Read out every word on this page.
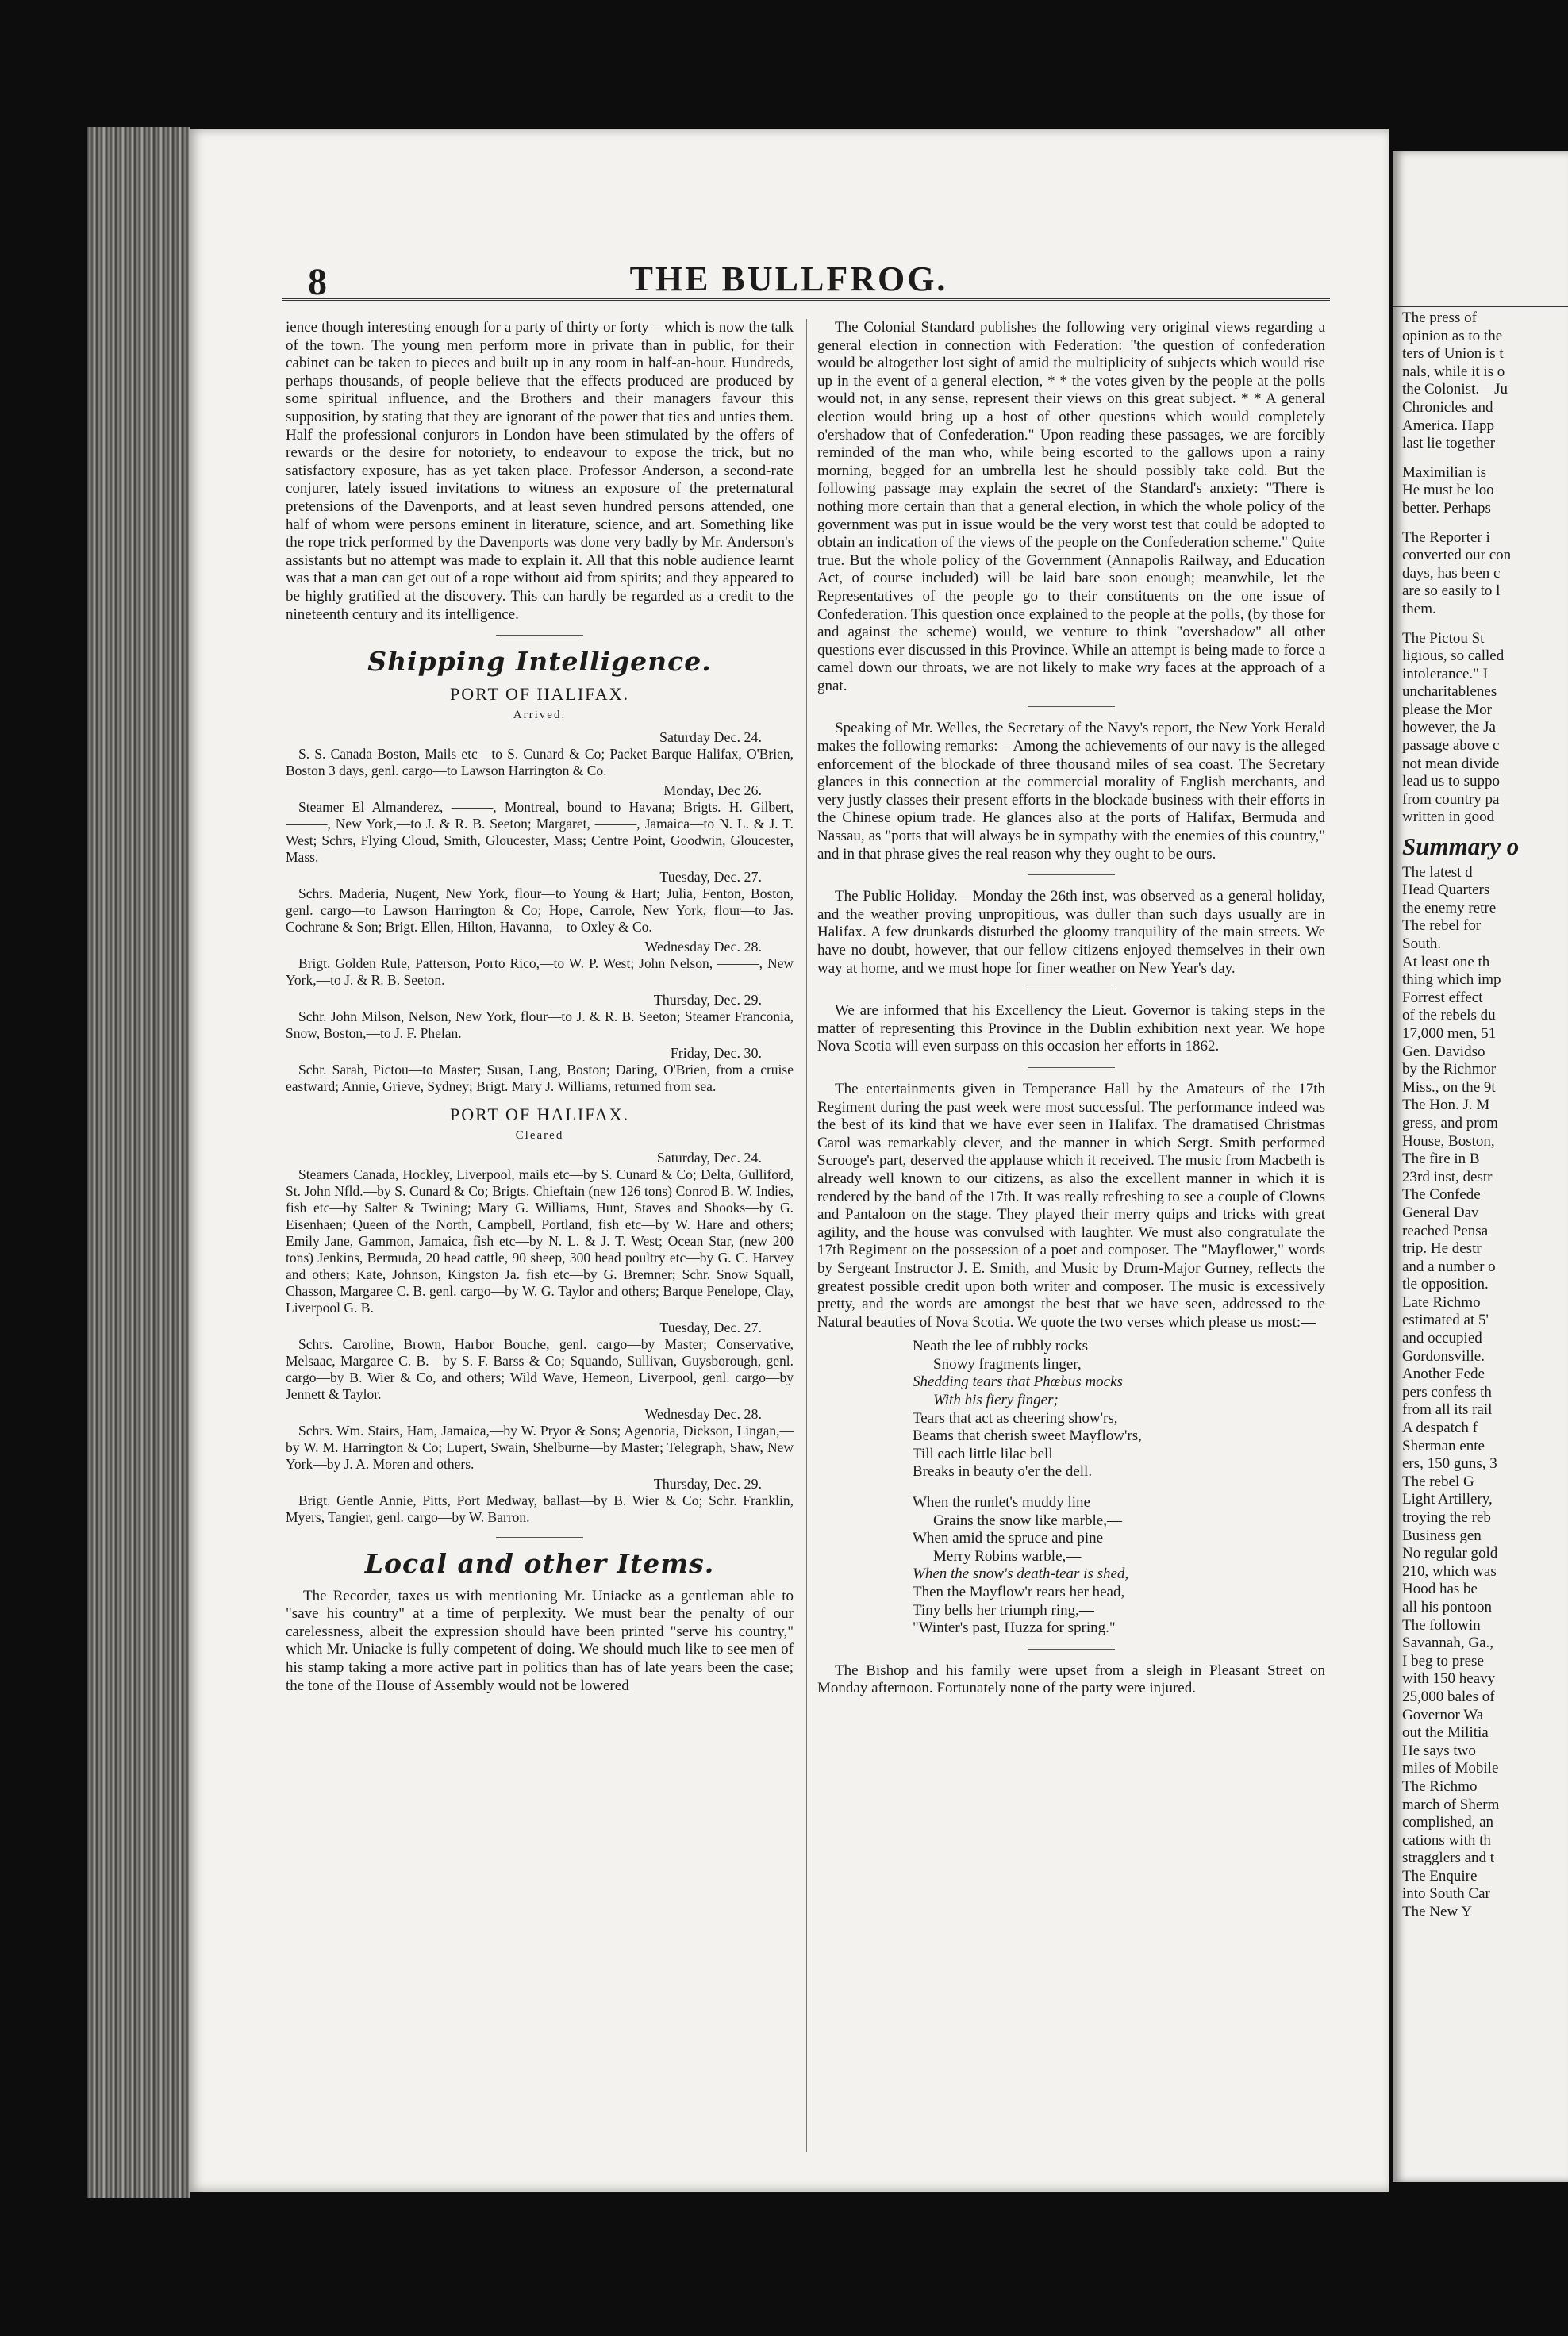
8	THE BULLFROG.

ience though interesting enough for a party of thirty or forty—which is now the talk of the town. The young men perform more in private than in public, for their cabinet can be taken to pieces and built up in any room in half-an-hour. Hundreds, perhaps thousands, of people believe that the effects produced are produced by some spiritual influence, and the Brothers and their managers favour this supposition, by stating that they are ignorant of the power that ties and unties them. Half the professional conjurors in London have been stimulated by the offers of rewards or the desire for notoriety, to endeavour to expose the trick, but no satisfactory exposure, has as yet taken place. Professor Anderson, a second-rate conjurer, lately issued invitations to witness an exposure of the preternatural pretensions of the Davenports, and at least seven hundred persons attended, one half of whom were persons eminent in literature, science, and art. Something like the rope trick performed by the Davenports was done very badly by Mr. Anderson's assistants but no attempt was made to explain it. All that this noble audience learnt was that a man can get out of a rope without aid from spirits; and they appeared to be highly gratified at the discovery. This can hardly be regarded as a credit to the nineteenth century and its intelligence.

Shipping Intelligence.
PORT OF HALIFAX.
Arrived.
Saturday Dec. 24.

S. S. Canada Boston, Mails etc—to S. Cunard & Co; Packet Barque Halifax, O'Brien, Boston 3 days, genl. cargo—to Lawson Harrington & Co.

Monday, Dec 26.

Steamer El Almanderez, ———, Montreal, bound to Havana; Brigts. H. Gilbert, ———, New York,—to J. & R. B. Seeton; Margaret, ———, Jamaica—to N. L. & J. T. West; Schrs, Flying Cloud, Smith, Gloucester, Mass; Centre Point, Goodwin, Gloucester, Mass.

Tuesday, Dec. 27.

Schrs. Maderia, Nugent, New York, flour—to Young & Hart; Julia, Fenton, Boston, genl. cargo—to Lawson Harrington & Co; Hope, Carrole, New York, flour—to Jas. Cochrane & Son; Brigt. Ellen, Hilton, Havanna,—to Oxley & Co.

Wednesday Dec. 28.

Brigt. Golden Rule, Patterson, Porto Rico,—to W. P. West; John Nelson, ———, New York,—to J. & R. B. Seeton.

Thursday, Dec. 29.

Schr. John Milson, Nelson, New York, flour—to J. & R. B. Seeton; Steamer Franconia, Snow, Boston,—to J. F. Phelan.

Friday, Dec. 30.

Schr. Sarah, Pictou—to Master; Susan, Lang, Boston; Daring, O'Brien, from a cruise eastward; Annie, Grieve, Sydney; Brigt. Mary J. Williams, returned from sea.

PORT OF HALIFAX.
Cleared
Saturday, Dec. 24.

Steamers Canada, Hockley, Liverpool, mails etc—by S. Cunard & Co; Delta, Gulliford, St. John Nfld.—by S. Cunard & Co; Brigts. Chieftain (new 126 tons) Conrod B. W. Indies, fish etc—by Salter & Twining; Mary G. Williams, Hunt, Staves and Shooks—by G. Eisenhaen; Queen of the North, Campbell, Portland, fish etc—by W. Hare and others; Emily Jane, Gammon, Jamaica, fish etc—by N. L. & J. T. West; Ocean Star, (new 200 tons) Jenkins, Bermuda, 20 head cattle, 90 sheep, 300 head poultry etc—by G. C. Harvey and others; Kate, Johnson, Kingston Ja. fish etc—by G. Bremner; Schr. Snow Squall, Chasson, Margaree C. B. genl. cargo—by W. G. Taylor and others; Barque Penelope, Clay, Liverpool G. B.

Tuesday, Dec. 27.

Schrs. Caroline, Brown, Harbor Bouche, genl. cargo—by Master; Conservative, Melsaac, Margaree C. B.—by S. F. Barss & Co; Squando, Sullivan, Guysborough, genl. cargo—by B. Wier & Co, and others; Wild Wave, Hemeon, Liverpool, genl. cargo—by Jennett & Taylor.

Wednesday Dec. 28.

Schrs. Wm. Stairs, Ham, Jamaica,—by W. Pryor & Sons; Agenoria, Dickson, Lingan,—by W. M. Harrington & Co; Lupert, Swain, Shelburne—by Master; Telegraph, Shaw, New York—by J. A. Moren and others.

Thursday, Dec. 29.

Brigt. Gentle Annie, Pitts, Port Medway, ballast—by B. Wier & Co; Schr. Franklin, Myers, Tangier, genl. cargo—by W. Barron.

Local and other Items.

The Recorder, taxes us with mentioning Mr. Uniacke as a gentleman able to "save his country" at a time of perplexity. We must bear the penalty of our carelessness, albeit the expression should have been printed "serve his country," which Mr. Uniacke is fully competent of doing. We should much like to see men of his stamp taking a more active part in politics than has of late years been the case; the tone of the House of Assembly would not be lowered

The Colonial Standard publishes the following very original views regarding a general election in connection with Federation: "the question of confederation would be altogether lost sight of amid the multiplicity of subjects which would rise up in the event of a general election, * * the votes given by the people at the polls would not, in any sense, represent their views on this great subject. * * A general election would bring up a host of other questions which would completely o'ershadow that of Confederation." Upon reading these passages, we are forcibly reminded of the man who, while being escorted to the gallows upon a rainy morning, begged for an umbrella lest he should possibly take cold. But the following passage may explain the secret of the Standard's anxiety: "There is nothing more certain than that a general election, in which the whole policy of the government was put in issue would be the very worst test that could be adopted to obtain an indication of the views of the people on the Confederation scheme." Quite true. But the whole policy of the Government (Annapolis Railway, and Education Act, of course included) will be laid bare soon enough; meanwhile, let the Representatives of the people go to their constituents on the one issue of Confederation. This question once explained to the people at the polls, (by those for and against the scheme) would, we venture to think "overshadow" all other questions ever discussed in this Province. While an attempt is being made to force a camel down our throats, we are not likely to make wry faces at the approach of a gnat.

Speaking of Mr. Welles, the Secretary of the Navy's report, the New York Herald makes the following remarks:—Among the achievements of our navy is the alleged enforcement of the blockade of three thousand miles of sea coast. The Secretary glances in this connection at the commercial morality of English merchants, and very justly classes their present efforts in the blockade business with their efforts in the Chinese opium trade. He glances also at the ports of Halifax, Bermuda and Nassau, as "ports that will always be in sympathy with the enemies of this country," and in that phrase gives the real reason why they ought to be ours.

The Public Holiday.—Monday the 26th inst, was observed as a general holiday, and the weather proving unpropitious, was duller than such days usually are in Halifax. A few drunkards disturbed the gloomy tranquility of the main streets. We have no doubt, however, that our fellow citizens enjoyed themselves in their own way at home, and we must hope for finer weather on New Year's day.

We are informed that his Excellency the Lieut. Governor is taking steps in the matter of representing this Province in the Dublin exhibition next year. We hope Nova Scotia will even surpass on this occasion her efforts in 1862.

The entertainments given in Temperance Hall by the Amateurs of the 17th Regiment during the past week were most successful. The performance indeed was the best of its kind that we have ever seen in Halifax. The dramatised Christmas Carol was remarkably clever, and the manner in which Sergt. Smith performed Scrooge's part, deserved the applause which it received. The music from Macbeth is already well known to our citizens, as also the excellent manner in which it is rendered by the band of the 17th. It was really refreshing to see a couple of Clowns and Pantaloon on the stage. They played their merry quips and tricks with great agility, and the house was convulsed with laughter. We must also congratulate the 17th Regiment on the possession of a poet and composer. The "Mayflower," words by Sergeant Instructor J. E. Smith, and Music by Drum-Major Gurney, reflects the greatest possible credit upon both writer and composer. The music is excessively pretty, and the words are amongst the best that we have seen, addressed to the Natural beauties of Nova Scotia. We quote the two verses which please us most:—

Neath the lee of rubbly rocks
Snowy fragments linger,
Shedding tears that Phœbus mocks
With his fiery finger;
Tears that act as cheering show'rs,
Beams that cherish sweet Mayflow'rs,
Till each little lilac bell
Breaks in beauty o'er the dell.
When the runlet's muddy line
Grains the snow like marble,—
When amid the spruce and pine
Merry Robins warble,—
When the snow's death-tear is shed,
Then the Mayflow'r rears her head,
Tiny bells her triumph ring,—
"Winter's past, Huzza for spring."

The Bishop and his family were upset from a sleigh in Pleasant Street on Monday afternoon. Fortunately none of the party were injured.

The press of
opinion as to the
ters of Union is t
nals, while it is o
the Colonist.—Ju
Chronicles and
America. Happ
last lie together
Maximilian is
He must be loo
better. Perhaps
The Reporter i
converted our con
days, has been c
are so easily to l
them.
The Pictou St
ligious, so called
intolerance." I
uncharitablenes
please the Mor
however, the Ja
passage above c
not mean divide
lead us to suppo
from country pa
written in good
Summary o
The latest d
Head Quarters
the enemy retre
The rebel for
South.
At least one th
thing which imp
Forrest effect
of the rebels du
17,000 men, 51
Gen. Davidso
by the Richmor
Miss., on the 9t
The Hon. J. M
gress, and prom
House, Boston,
The fire in B
23rd inst, destr
The Confede
General Dav
reached Pensa
trip. He destr
and a number o
tle opposition.
Late Richmo
estimated at 5'
and occupied
Gordonsville.
Another Fede
pers confess th
from all its rail
A despatch f
Sherman ente
ers, 150 guns, 3
The rebel G
Light Artillery,
troying the reb
Business gen
No regular gold
210, which was
Hood has be
all his pontoon
The followin
Savannah, Ga.,
I beg to prese
with 150 heavy
25,000 bales of
Governor Wa
out the Militia
He says two
miles of Mobile
The Richmo
march of Sherm
complished, an
cations with th
stragglers and t
The Enquire
into South Car
The New Y
